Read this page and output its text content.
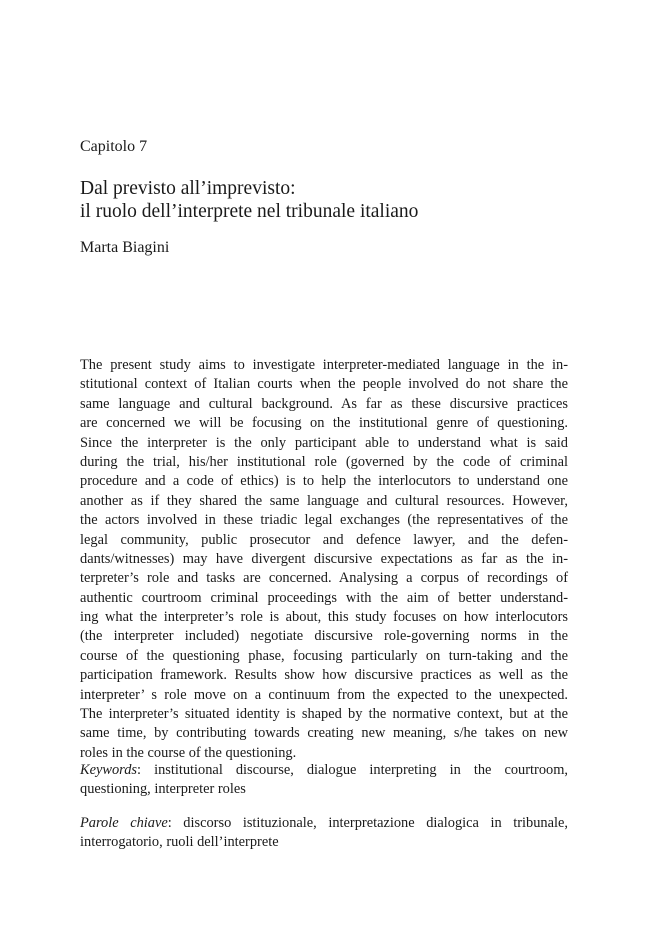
Capitolo 7
Dal previsto all’imprevisto:
il ruolo dell’interprete nel tribunale italiano
Marta Biagini
The present study aims to investigate interpreter-mediated language in the in-
stitutional context of Italian courts when the people involved do not share the
same language and cultural background. As far as these discursive practices
are concerned we will be focusing on the institutional genre of questioning.
Since the interpreter is the only participant able to understand what is said
during the trial, his/her institutional role (governed by the code of criminal
procedure and a code of ethics) is to help the interlocutors to understand one
another as if they shared the same language and cultural resources. However,
the actors involved in these triadic legal exchanges (the representatives of the
legal community, public prosecutor and defence lawyer, and the defen-
dants/witnesses) may have divergent discursive expectations as far as the in-
terpreter’s role and tasks are concerned. Analysing a corpus of recordings of
authentic courtroom criminal proceedings with the aim of better understand-
ing what the interpreter’s role is about, this study focuses on how interlocutors
(the interpreter included) negotiate discursive role-governing norms in the
course of the questioning phase, focusing particularly on turn-taking and the
participation framework. Results show how discursive practices as well as the
interpreter’ s role move on a continuum from the expected to the unexpected.
The interpreter’s situated identity is shaped by the normative context, but at the
same time, by contributing towards creating new meaning, s/he takes on new
roles in the course of the questioning.
Keywords: institutional discourse, dialogue interpreting in the courtroom,
questioning, interpreter roles
Parole chiave: discorso istituzionale, interpretazione dialogica in tribunale,
interrogatorio, ruoli dell’interprete
